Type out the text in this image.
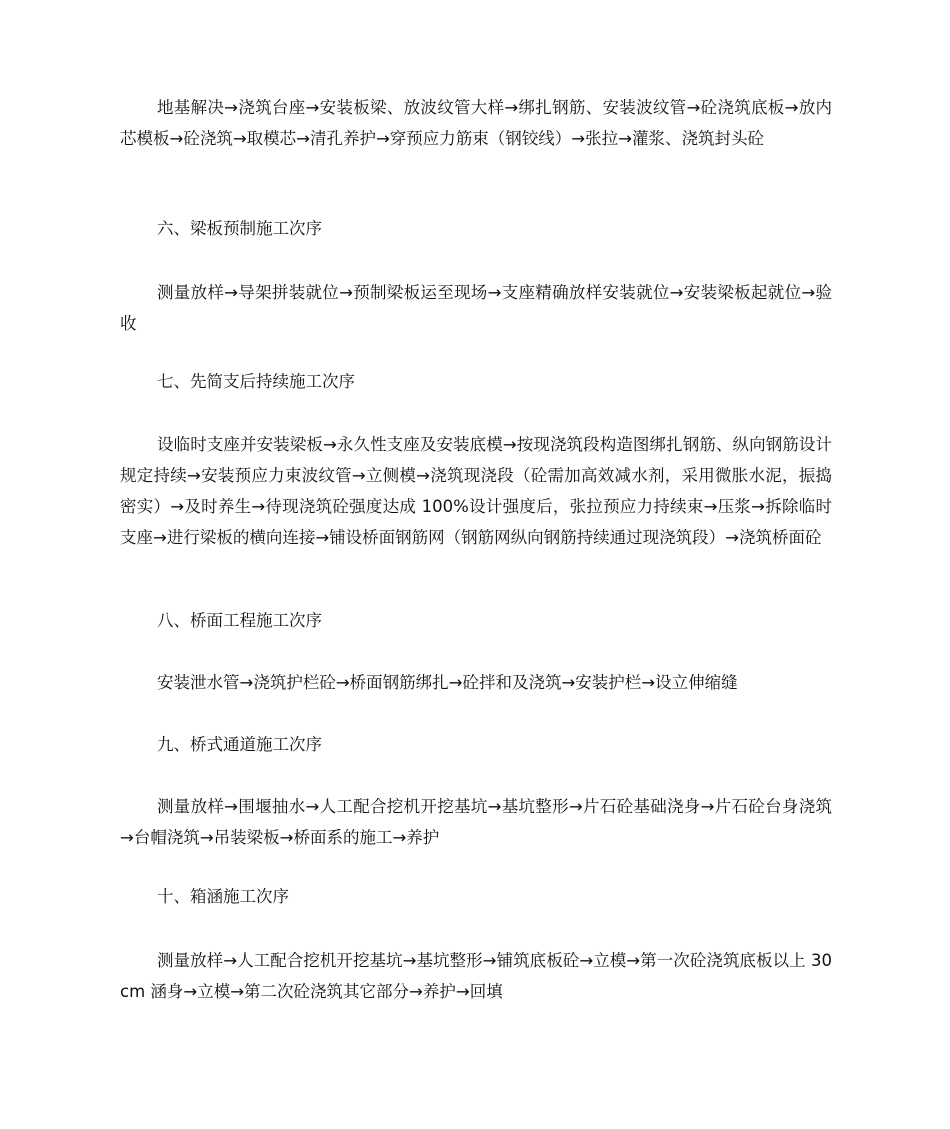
地基解决→浇筑台座→安装板梁、放波纹管大样→绑扎钢筋、安装波纹管→砼浇筑底板→放内芯模板→砼浇筑→取模芯→清孔养护→穿预应力筋束（钢铰线）→张拉→灌浆、浇筑封头砼

六、梁板预制施工次序

测量放样→导架拼装就位→预制梁板运至现场→支座精确放样安装就位→安装梁板起就位→验收

七、先简支后持续施工次序

设临时支座并安装梁板→永久性支座及安装底模→按现浇筑段构造图绑扎钢筋、纵向钢筋设计规定持续→安装预应力束波纹管→立侧模→浇筑现浇段（砼需加高效减水剂，采用微胀水泥，振捣密实）→及时养生→待现浇筑砼强度达成 100%设计强度后，张拉预应力持续束→压浆→拆除临时支座→进行梁板的横向连接→铺设桥面钢筋网（钢筋网纵向钢筋持续通过现浇筑段）→浇筑桥面砼

八、桥面工程施工次序

安装泄水管→浇筑护栏砼→桥面钢筋绑扎→砼拌和及浇筑→安装护栏→设立伸缩缝

九、桥式通道施工次序

测量放样→围堰抽水→人工配合挖机开挖基坑→基坑整形→片石砼基础浇身→片石砼台身浇筑→台帽浇筑→吊装梁板→桥面系的施工→养护

十、箱涵施工次序

测量放样→人工配合挖机开挖基坑→基坑整形→铺筑底板砼→立模→第一次砼浇筑底板以上 30cm 涵身→立模→第二次砼浇筑其它部分→养护→回填
